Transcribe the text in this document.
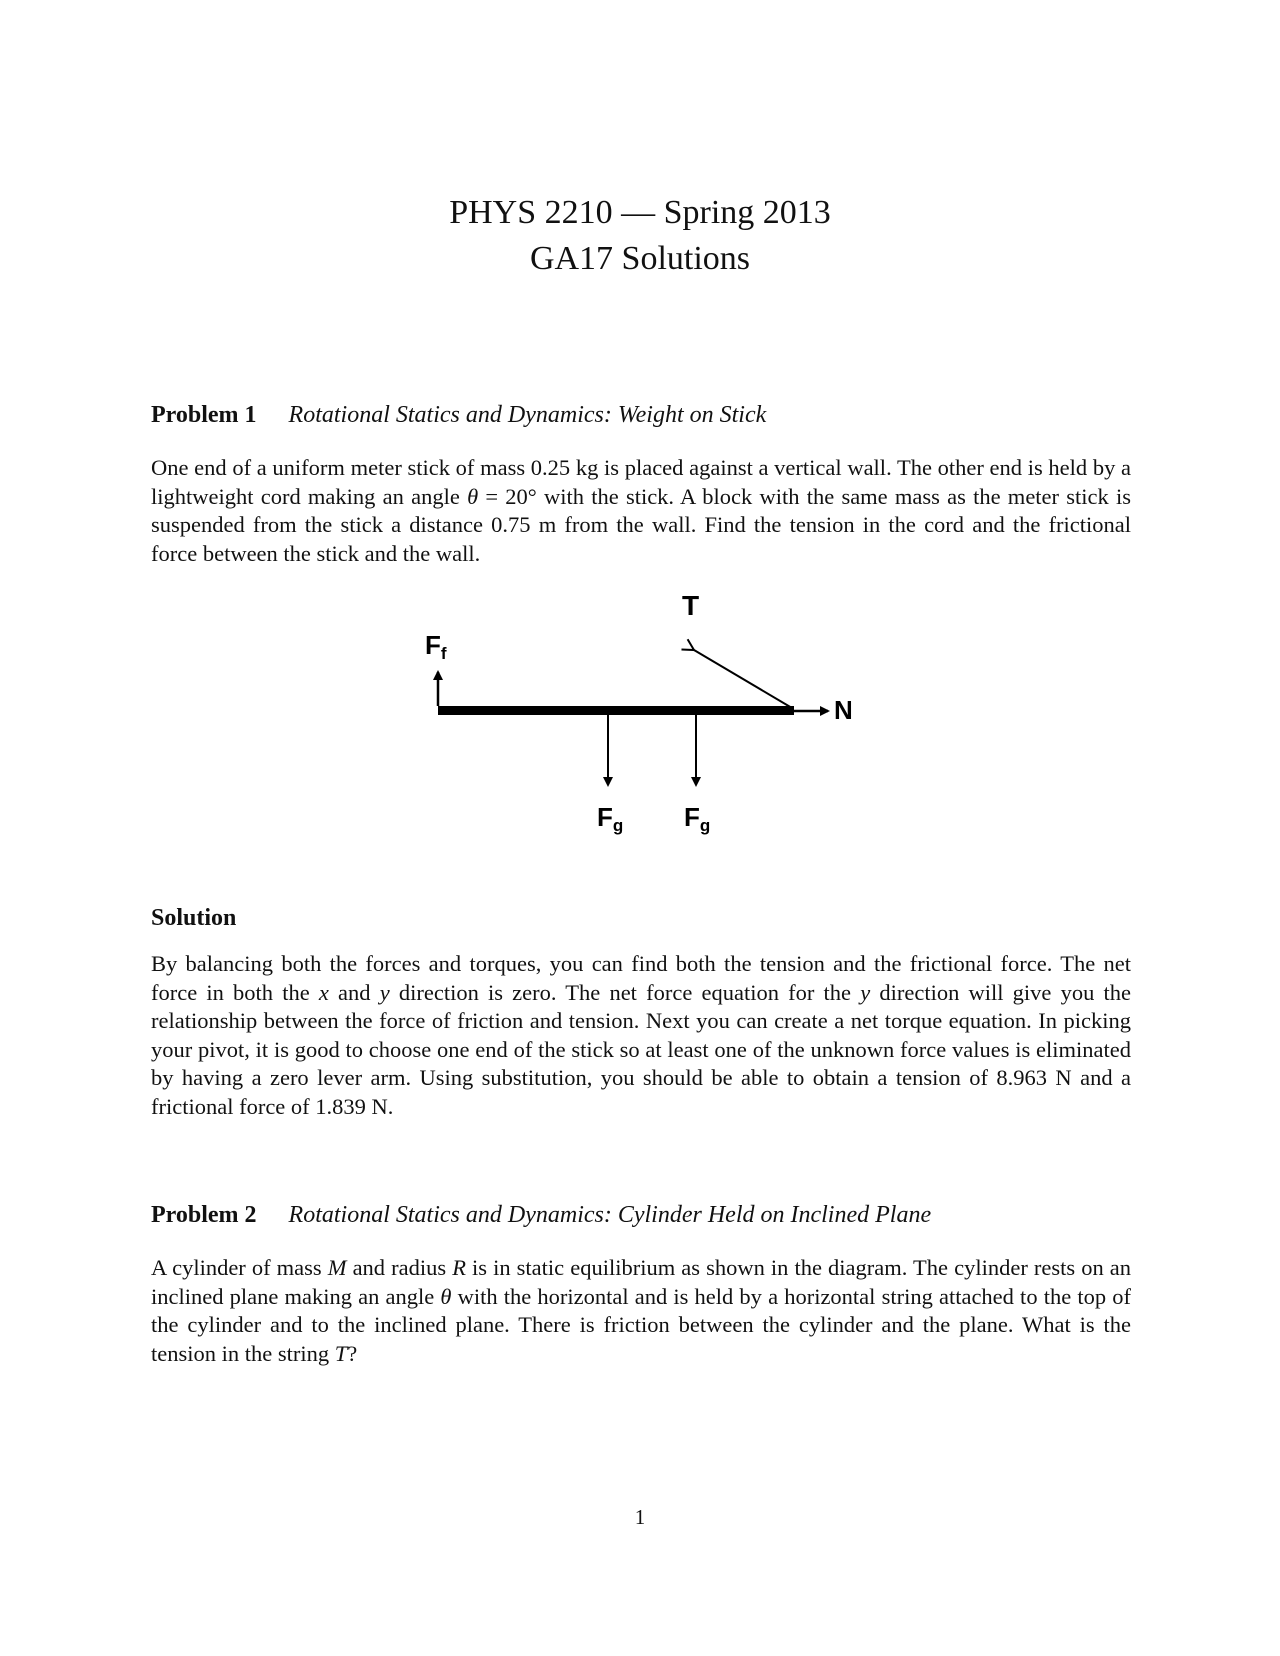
PHYS 2210 — Spring 2013
GA17 Solutions
Problem 1 Rotational Statics and Dynamics: Weight on Stick
One end of a uniform meter stick of mass 0.25 kg is placed against a vertical wall. The other end is held by a lightweight cord making an angle θ = 20° with the stick. A block with the same mass as the meter stick is suspended from the stick a distance 0.75 m from the wall. Find the tension in the cord and the frictional force between the stick and the wall.
Ff
T
N
Fg Fg
Solution
By balancing both the forces and torques, you can find both the tension and the frictional force. The net force in both the x and y direction is zero. The net force equation for the y direction will give you the relationship between the force of friction and tension. Next you can create a net torque equation. In picking your pivot, it is good to choose one end of the stick so at least one of the unknown force values is eliminated by having a zero lever arm. Using substitution, you should be able to obtain a tension of 8.963 N and a frictional force of 1.839 N.
Problem 2 Rotational Statics and Dynamics: Cylinder Held on Inclined Plane
A cylinder of mass M and radius R is in static equilibrium as shown in the diagram. The cylinder rests on an inclined plane making an angle θ with the horizontal and is held by a horizontal string attached to the top of the cylinder and to the inclined plane. There is friction between the cylinder and the plane. What is the tension in the string T?
1
